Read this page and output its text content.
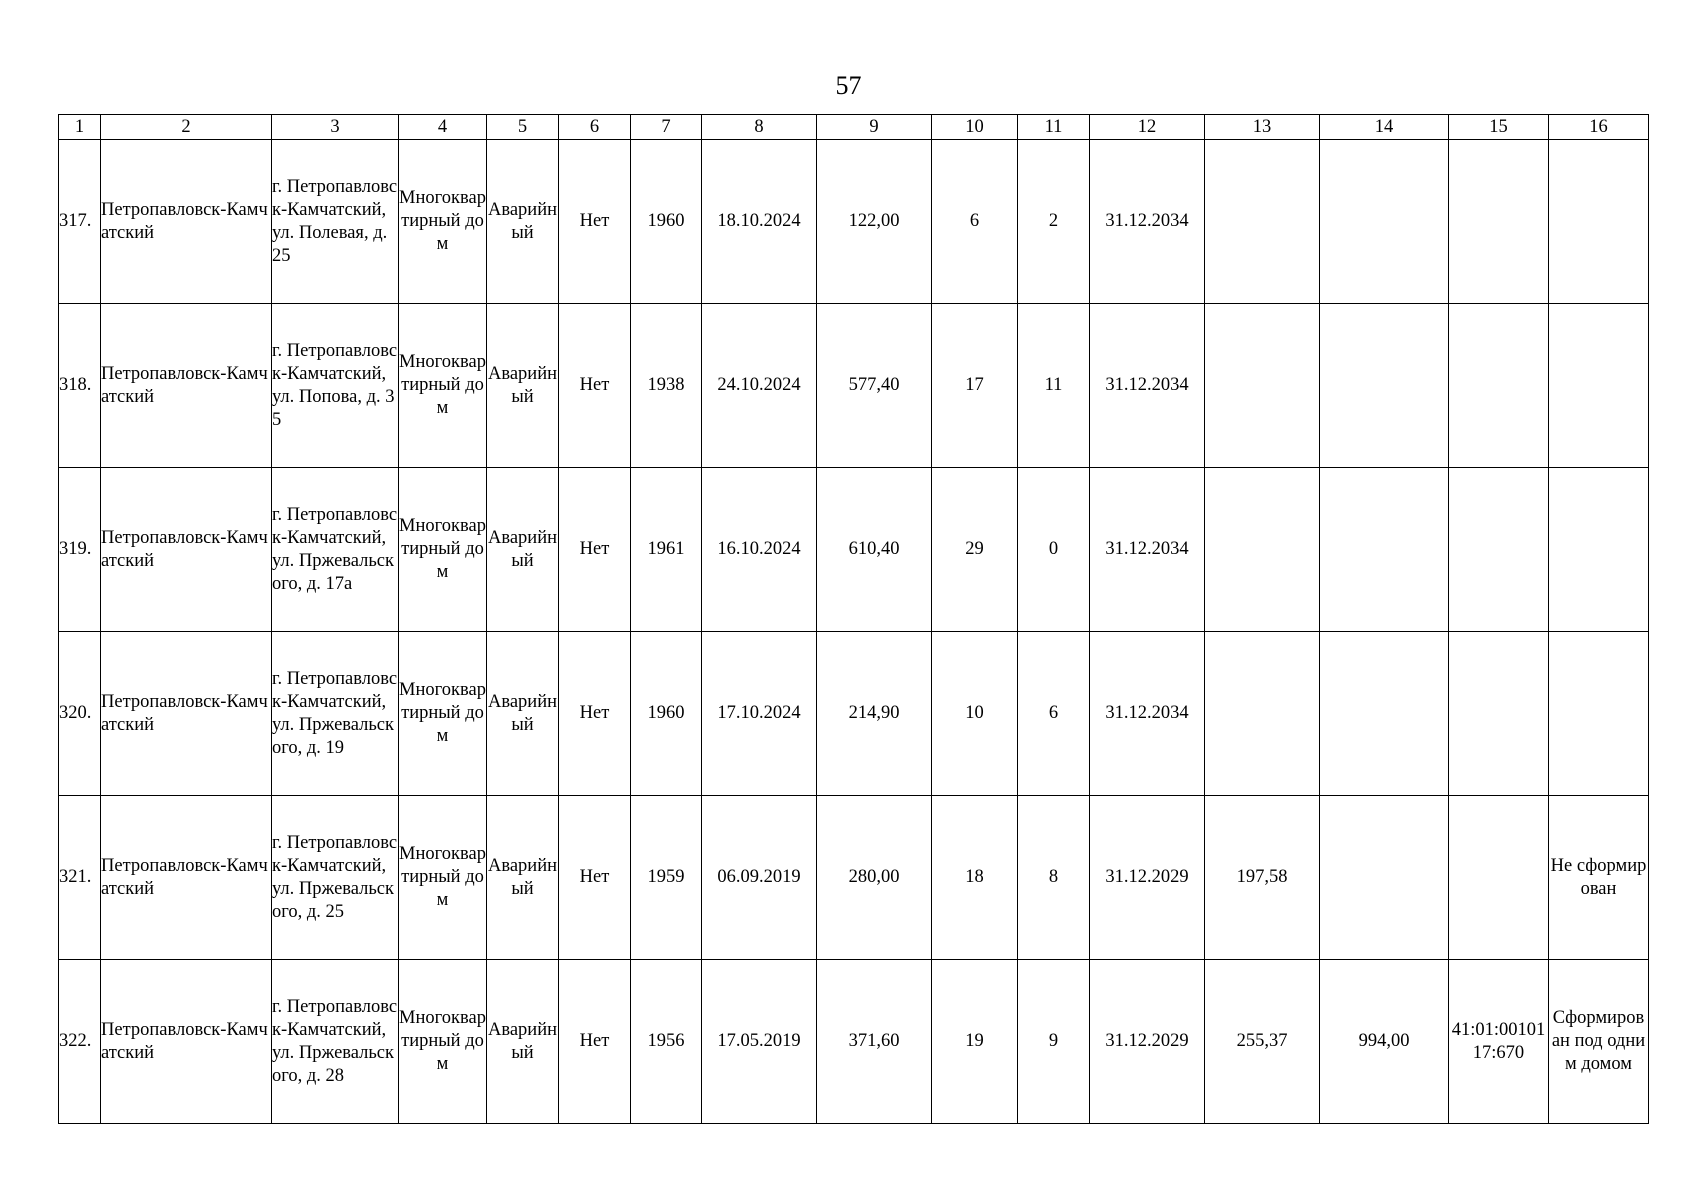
57
1	2	3	4	5	6	7	8	9	10	11	12	13	14	15	16
317.	Петропавловск-Камчатский	г. Петропавловск-Камчатский, ул. Полевая, д. 25	Многоквартирный дом	Аварийный	Нет	1960	18.10.2024	122,00	6	2	31.12.2034				
318.	Петропавловск-Камчатский	г. Петропавловск-Камчатский, ул. Попова, д. 35	Многоквартирный дом	Аварийный	Нет	1938	24.10.2024	577,40	17	11	31.12.2034				
319.	Петропавловск-Камчатский	г. Петропавловск-Камчатский, ул. Пржевальского, д. 17а	Многоквартирный дом	Аварийный	Нет	1961	16.10.2024	610,40	29	0	31.12.2034				
320.	Петропавловск-Камчатский	г. Петропавловск-Камчатский, ул. Пржевальского, д. 19	Многоквартирный дом	Аварийный	Нет	1960	17.10.2024	214,90	10	6	31.12.2034				
321.	Петропавловск-Камчатский	г. Петропавловск-Камчатский, ул. Пржевальского, д. 25	Многоквартирный дом	Аварийный	Нет	1959	06.09.2019	280,00	18	8	31.12.2029	197,58			Не сформирован
322.	Петропавловск-Камчатский	г. Петропавловск-Камчатский, ул. Пржевальского, д. 28	Многоквартирный дом	Аварийный	Нет	1956	17.05.2019	371,60	19	9	31.12.2029	255,37	994,00	41:01:0010117:670	Сформирован под одним домом
